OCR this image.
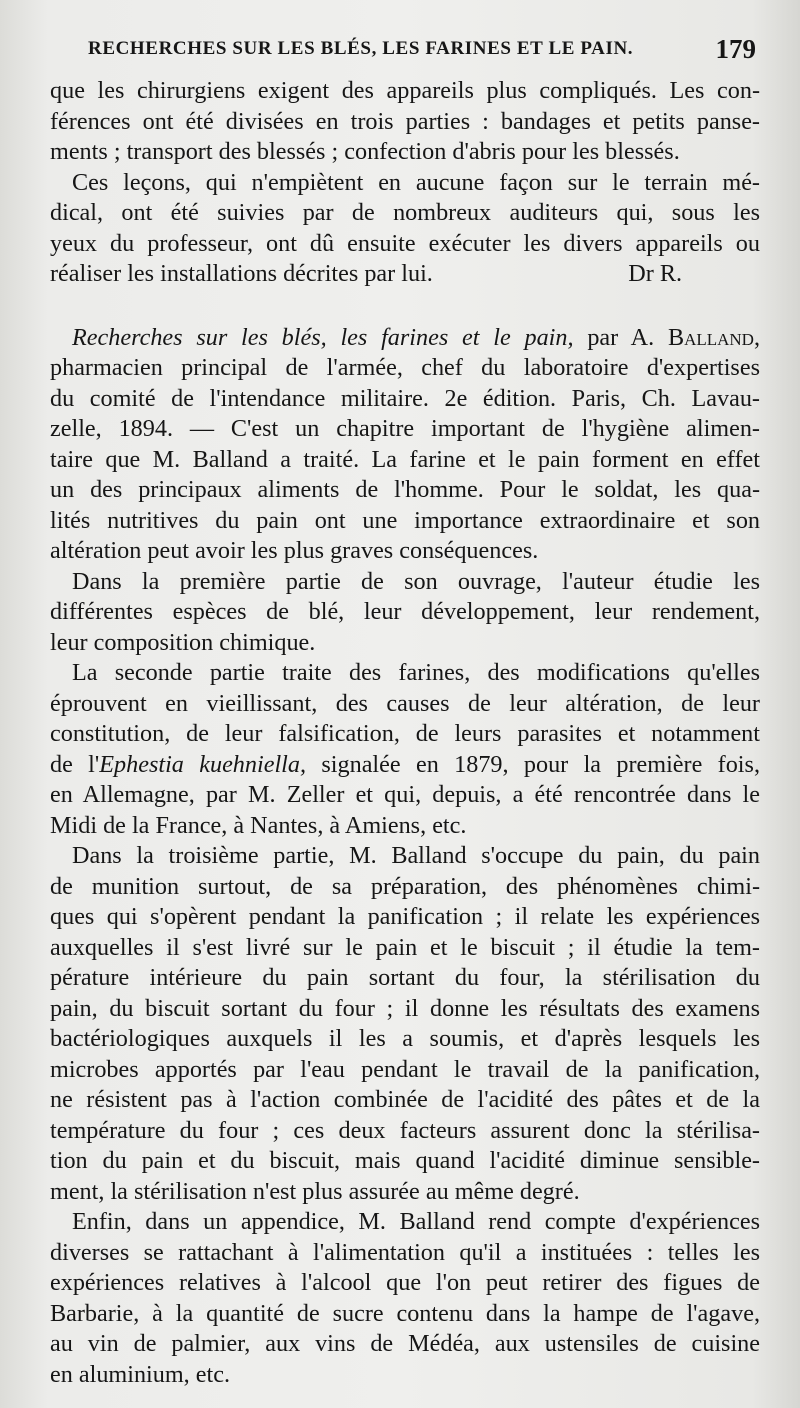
RECHERCHES SUR LES BLÉS, LES FARINES ET LE PAIN.	179
que les chirurgiens exigent des appareils plus compliqués. Les con-
férences ont été divisées en trois parties : bandages et petits panse-
ments ; transport des blessés ; confection d'abris pour les blessés.
Ces leçons, qui n'empiètent en aucune façon sur le terrain mé-
dical, ont été suivies par de nombreux auditeurs qui, sous les
yeux du professeur, ont dû ensuite exécuter les divers appareils ou
réaliser les installations décrites par lui.	Dr R.
Recherches sur les blés, les farines et le pain, par A. Balland,
pharmacien principal de l'armée, chef du laboratoire d'expertises
du comité de l'intendance militaire. 2e édition. Paris, Ch. Lavau-
zelle, 1894. — C'est un chapitre important de l'hygiène alimen-
taire que M. Balland a traité. La farine et le pain forment en effet
un des principaux aliments de l'homme. Pour le soldat, les qua-
lités nutritives du pain ont une importance extraordinaire et son
altération peut avoir les plus graves conséquences.
Dans la première partie de son ouvrage, l'auteur étudie les
différentes espèces de blé, leur développement, leur rendement,
leur composition chimique.
La seconde partie traite des farines, des modifications qu'elles
éprouvent en vieillissant, des causes de leur altération, de leur
constitution, de leur falsification, de leurs parasites et notamment
de l'Ephestia kuehniella, signalée en 1879, pour la première fois,
en Allemagne, par M. Zeller et qui, depuis, a été rencontrée dans le
Midi de la France, à Nantes, à Amiens, etc.
Dans la troisième partie, M. Balland s'occupe du pain, du pain
de munition surtout, de sa préparation, des phénomènes chimi-
ques qui s'opèrent pendant la panification ; il relate les expériences
auxquelles il s'est livré sur le pain et le biscuit ; il étudie la tem-
pérature intérieure du pain sortant du four, la stérilisation du
pain, du biscuit sortant du four ; il donne les résultats des examens
bactériologiques auxquels il les a soumis, et d'après lesquels les
microbes apportés par l'eau pendant le travail de la panification,
ne résistent pas à l'action combinée de l'acidité des pâtes et de la
température du four ; ces deux facteurs assurent donc la stérilisa-
tion du pain et du biscuit, mais quand l'acidité diminue sensible-
ment, la stérilisation n'est plus assurée au même degré.
Enfin, dans un appendice, M. Balland rend compte d'expériences
diverses se rattachant à l'alimentation qu'il a instituées : telles les
expériences relatives à l'alcool que l'on peut retirer des figues de
Barbarie, à la quantité de sucre contenu dans la hampe de l'agave,
au vin de palmier, aux vins de Médéa, aux ustensiles de cuisine
en aluminium, etc.
